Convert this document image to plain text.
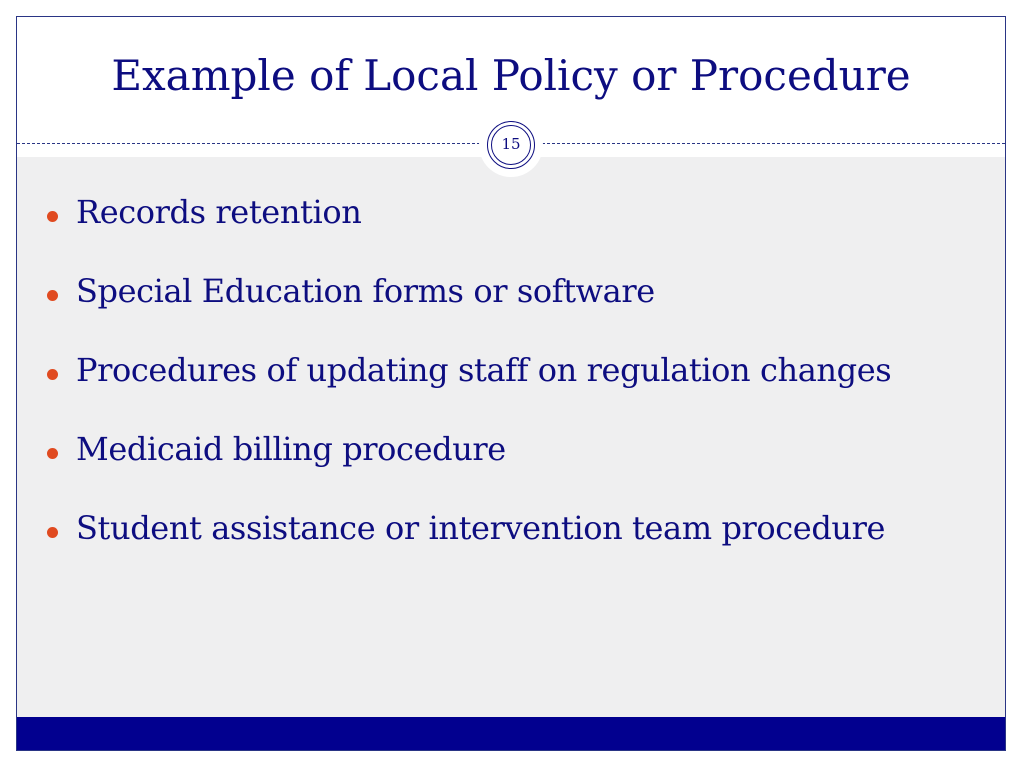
Example of Local Policy or Procedure
15
Records retention
Special Education forms or software
Procedures of updating staff on regulation changes
Medicaid billing procedure
Student assistance or intervention team procedure
